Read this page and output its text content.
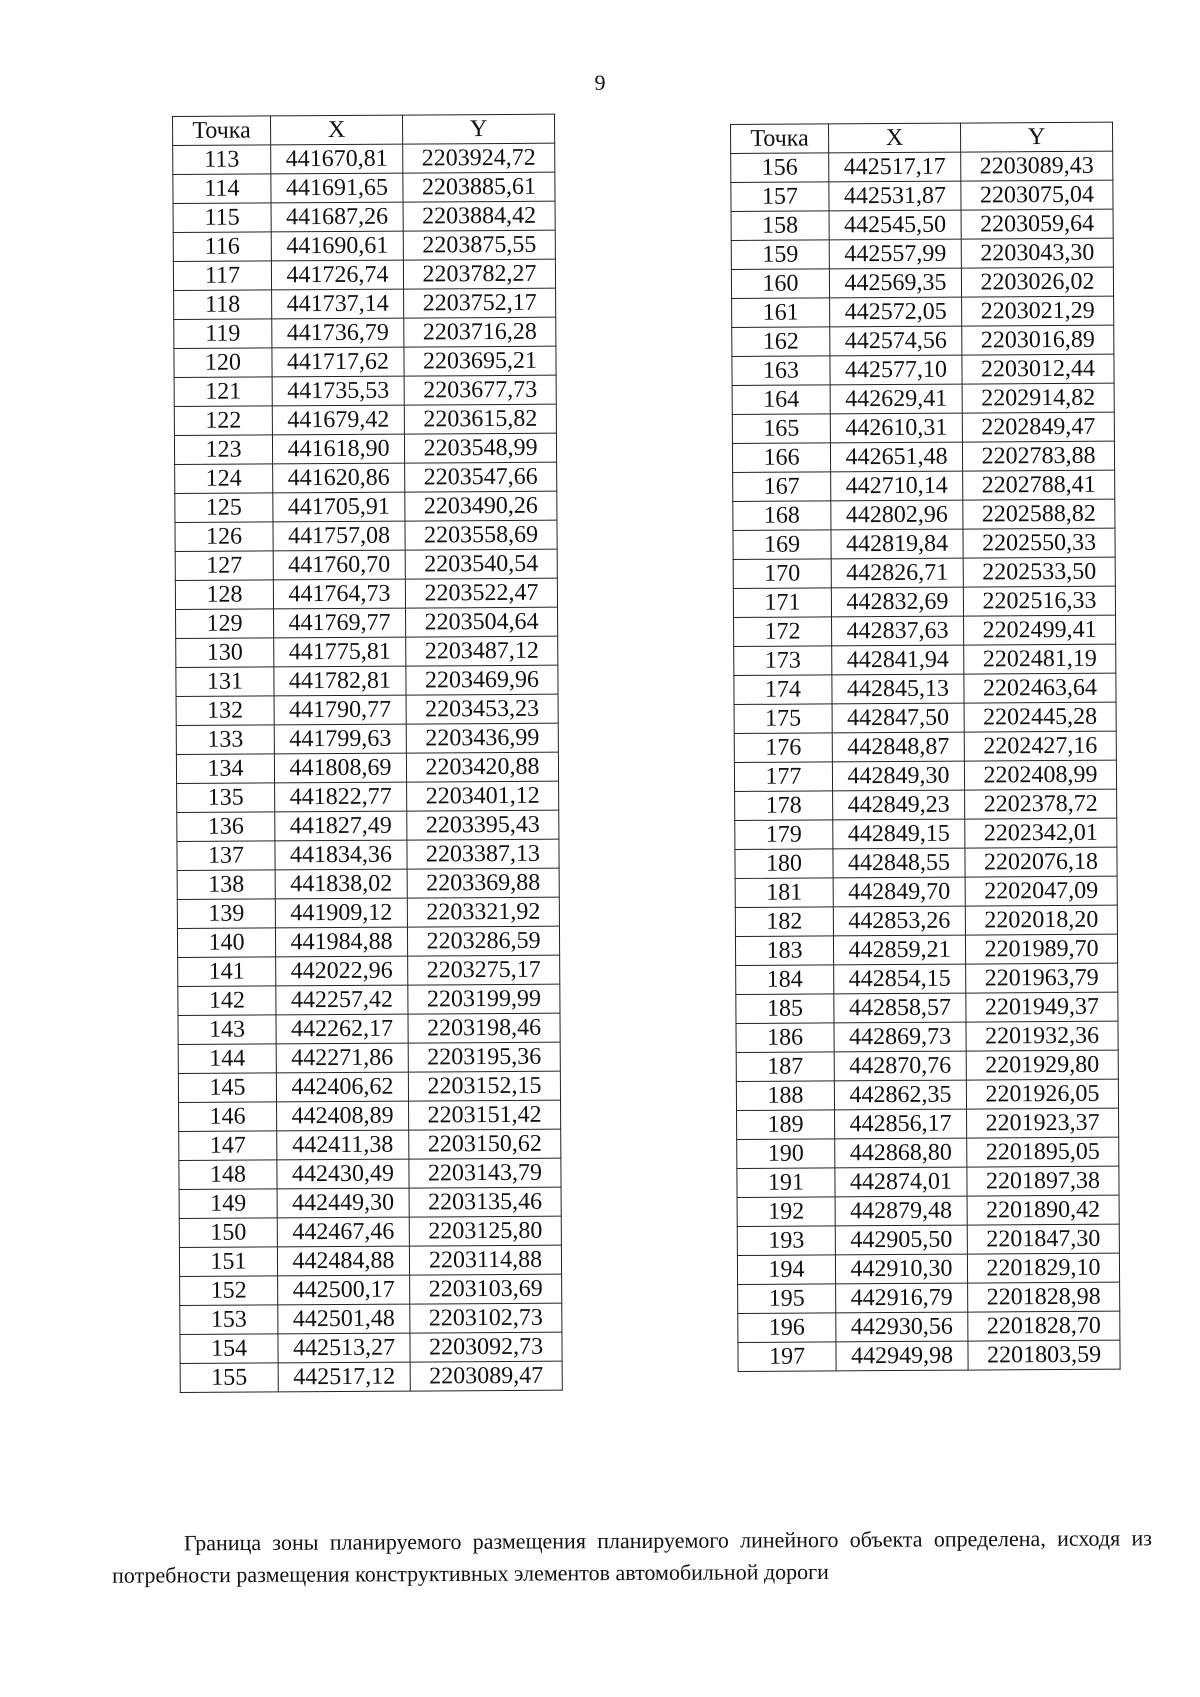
9
Точка	X	Y
113	441670,81	2203924,72
114	441691,65	2203885,61
115	441687,26	2203884,42
116	441690,61	2203875,55
117	441726,74	2203782,27
118	441737,14	2203752,17
119	441736,79	2203716,28
120	441717,62	2203695,21
121	441735,53	2203677,73
122	441679,42	2203615,82
123	441618,90	2203548,99
124	441620,86	2203547,66
125	441705,91	2203490,26
126	441757,08	2203558,69
127	441760,70	2203540,54
128	441764,73	2203522,47
129	441769,77	2203504,64
130	441775,81	2203487,12
131	441782,81	2203469,96
132	441790,77	2203453,23
133	441799,63	2203436,99
134	441808,69	2203420,88
135	441822,77	2203401,12
136	441827,49	2203395,43
137	441834,36	2203387,13
138	441838,02	2203369,88
139	441909,12	2203321,92
140	441984,88	2203286,59
141	442022,96	2203275,17
142	442257,42	2203199,99
143	442262,17	2203198,46
144	442271,86	2203195,36
145	442406,62	2203152,15
146	442408,89	2203151,42
147	442411,38	2203150,62
148	442430,49	2203143,79
149	442449,30	2203135,46
150	442467,46	2203125,80
151	442484,88	2203114,88
152	442500,17	2203103,69
153	442501,48	2203102,73
154	442513,27	2203092,73
155	442517,12	2203089,47
Точка	X	Y
156	442517,17	2203089,43
157	442531,87	2203075,04
158	442545,50	2203059,64
159	442557,99	2203043,30
160	442569,35	2203026,02
161	442572,05	2203021,29
162	442574,56	2203016,89
163	442577,10	2203012,44
164	442629,41	2202914,82
165	442610,31	2202849,47
166	442651,48	2202783,88
167	442710,14	2202788,41
168	442802,96	2202588,82
169	442819,84	2202550,33
170	442826,71	2202533,50
171	442832,69	2202516,33
172	442837,63	2202499,41
173	442841,94	2202481,19
174	442845,13	2202463,64
175	442847,50	2202445,28
176	442848,87	2202427,16
177	442849,30	2202408,99
178	442849,23	2202378,72
179	442849,15	2202342,01
180	442848,55	2202076,18
181	442849,70	2202047,09
182	442853,26	2202018,20
183	442859,21	2201989,70
184	442854,15	2201963,79
185	442858,57	2201949,37
186	442869,73	2201932,36
187	442870,76	2201929,80
188	442862,35	2201926,05
189	442856,17	2201923,37
190	442868,80	2201895,05
191	442874,01	2201897,38
192	442879,48	2201890,42
193	442905,50	2201847,30
194	442910,30	2201829,10
195	442916,79	2201828,98
196	442930,56	2201828,70
197	442949,98	2201803,59
Граница зоны планируемого размещения планируемого линейного объекта определена, исходя из потребности размещения конструктивных элементов автомобильной дороги
